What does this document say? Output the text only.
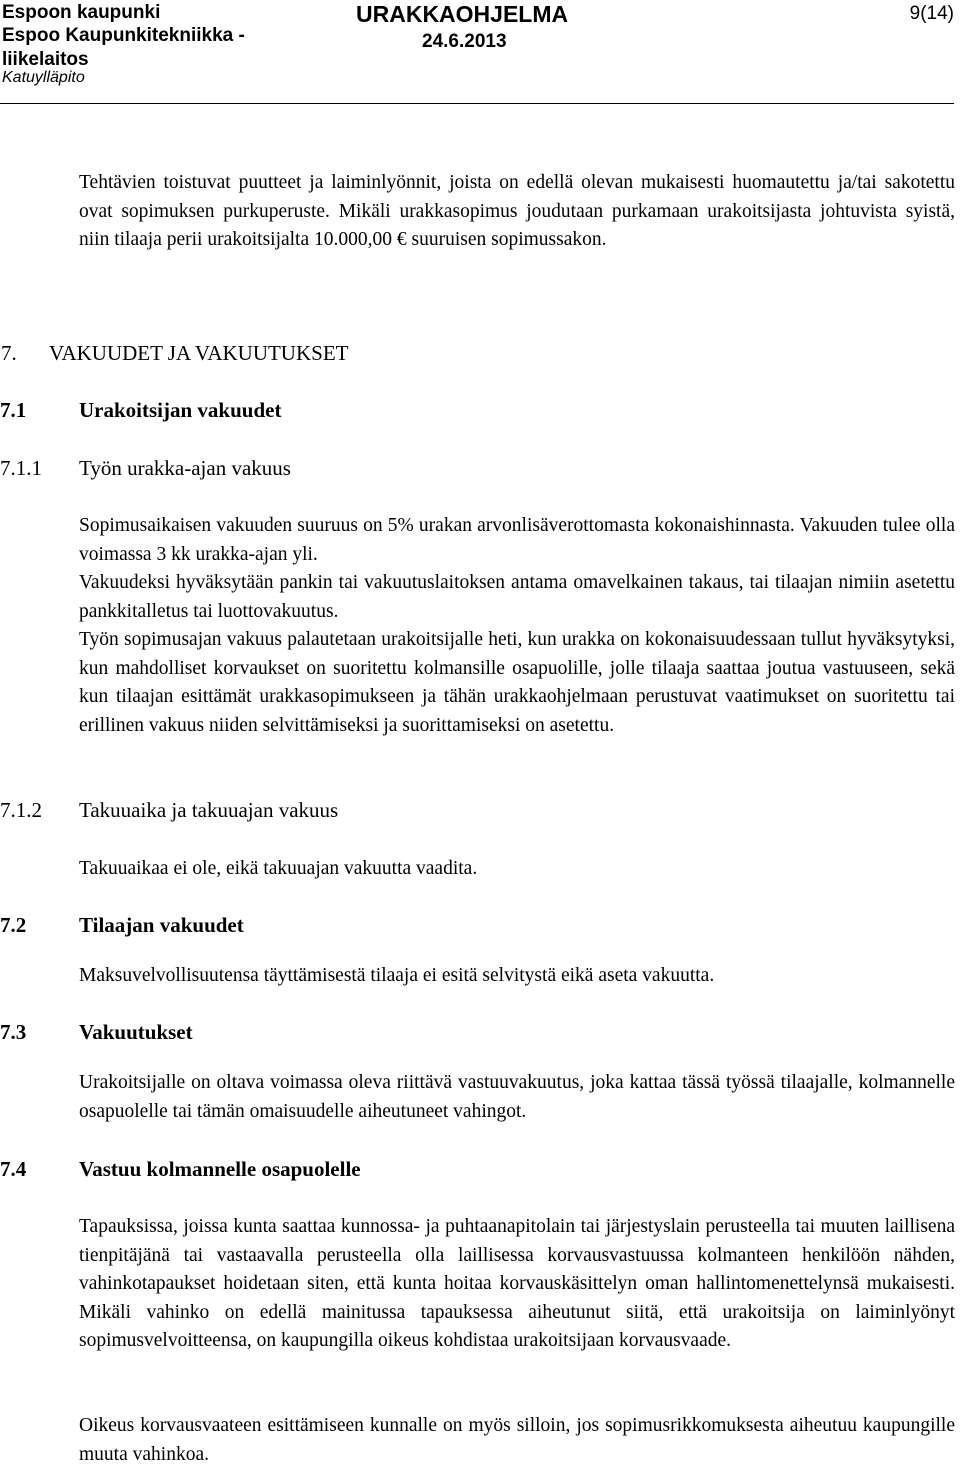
Espoon kaupunki
Espoo Kaupunkitekniikka -
liikelaitos
Katuylläpito
URAKKAOHJELMA
24.6.2013
9(14)

Tehtävien toistuvat puutteet ja laiminlyönnit, joista on edellä olevan mukaisesti huomautettu ja/tai sakotettu ovat sopimuksen purkuperuste. Mikäli urakkasopimus joudutaan purkamaan urakoitsijasta johtuvista syistä, niin tilaaja perii urakoitsijalta 10.000,00 € suuruisen sopimussakon.

7. VAKUUDET JA VAKUUTUKSET
7.1	Urakoitsijan vakuudet
7.1.1 Työn urakka-ajan vakuus

Sopimusaikaisen vakuuden suuruus on 5% urakan arvonlisäverottomasta kokonaishinnasta. Vakuuden tulee olla voimassa 3 kk urakka-ajan yli.

Vakuudeksi hyväksytään pankin tai vakuutuslaitoksen antama omavelkainen takaus, tai tilaajan nimiin asetettu pankkitalletus tai luottovakuutus.

Työn sopimusajan vakuus palautetaan urakoitsijalle heti, kun urakka on kokonaisuudessaan tullut hyväksytyksi, kun mahdolliset korvaukset on suoritettu kolmansille osapuolille, jolle tilaaja saattaa joutua vastuuseen, sekä kun tilaajan esittämät urakkasopimukseen ja tähän urakkaohjelmaan perustuvat vaatimukset on suoritettu tai erillinen vakuus niiden selvittämiseksi ja suorittamiseksi on asetettu.

7.1.2 Takuuaika ja takuuajan vakuus

Takuuaikaa ei ole, eikä takuuajan vakuutta vaadita.

7.2	Tilaajan vakuudet

Maksuvelvollisuutensa täyttämisestä tilaaja ei esitä selvitystä eikä aseta vakuutta.

7.3	Vakuutukset

Urakoitsijalle on oltava voimassa oleva riittävä vastuuvakuutus, joka kattaa tässä työssä tilaajalle, kolmannelle osapuolelle tai tämän omaisuudelle aiheutuneet vahingot.

7.4	Vastuu kolmannelle osapuolelle

Tapauksissa, joissa kunta saattaa kunnossa- ja puhtaanapitolain tai järjestyslain perusteella tai muuten laillisena tienpitäjänä tai vastaavalla perusteella olla laillisessa korvausvastuussa kolmanteen henkilöön nähden, vahinkotapaukset hoidetaan siten, että kunta hoitaa korvauskäsittelyn oman hallintomenettelynsä mukaisesti. Mikäli vahinko on edellä mainitussa tapauksessa aiheutunut siitä, että urakoitsija on laiminlyönyt sopimusvelvoitteensa, on kaupungilla oikeus kohdistaa urakoitsijaan korvausvaade.

Oikeus korvausvaateen esittämiseen kunnalle on myös silloin, jos sopimusrikkomuksesta aiheutuu kaupungille muuta vahinkoa.
